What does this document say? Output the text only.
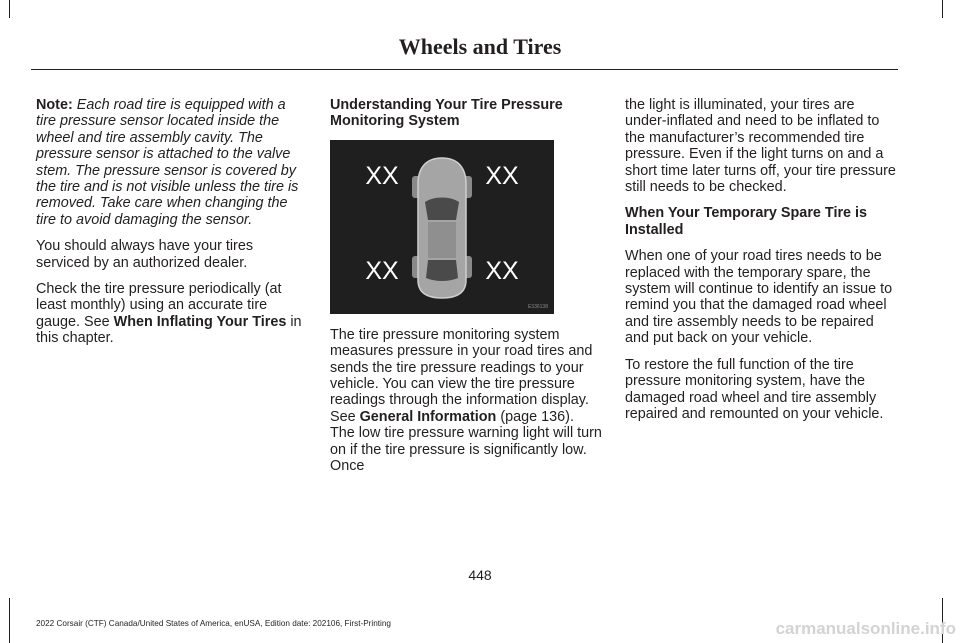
Wheels and Tires

Note: Each road tire is equipped with a tire pressure sensor located inside the wheel and tire assembly cavity. The pressure sensor is attached to the valve stem. The pressure sensor is covered by the tire and is not visible unless the tire is removed. Take care when changing the tire to avoid damaging the sensor.

You should always have your tires serviced by an authorized dealer.

Check the tire pressure periodically (at least monthly) using an accurate tire gauge. See When Inflating Your Tires in this chapter.

Understanding Your Tire Pressure Monitoring System

XX	XX
XX	XX
E336138

The tire pressure monitoring system measures pressure in your road tires and sends the tire pressure readings to your vehicle. You can view the tire pressure readings through the information display. See General Information (page 136). The low tire pressure warning light will turn on if the tire pressure is significantly low. Once

the light is illuminated, your tires are under-inflated and need to be inflated to the manufacturer’s recommended tire pressure. Even if the light turns on and a short time later turns off, your tire pressure still needs to be checked.

When Your Temporary Spare Tire is Installed

When one of your road tires needs to be replaced with the temporary spare, the system will continue to identify an issue to remind you that the damaged road wheel and tire assembly needs to be repaired and put back on your vehicle.

To restore the full function of the tire pressure monitoring system, have the damaged road wheel and tire assembly repaired and remounted on your vehicle.

448
2022 Corsair (CTF) Canada/United States of America, enUSA, Edition date: 202106, First-Printing	carmanualsonline.info
